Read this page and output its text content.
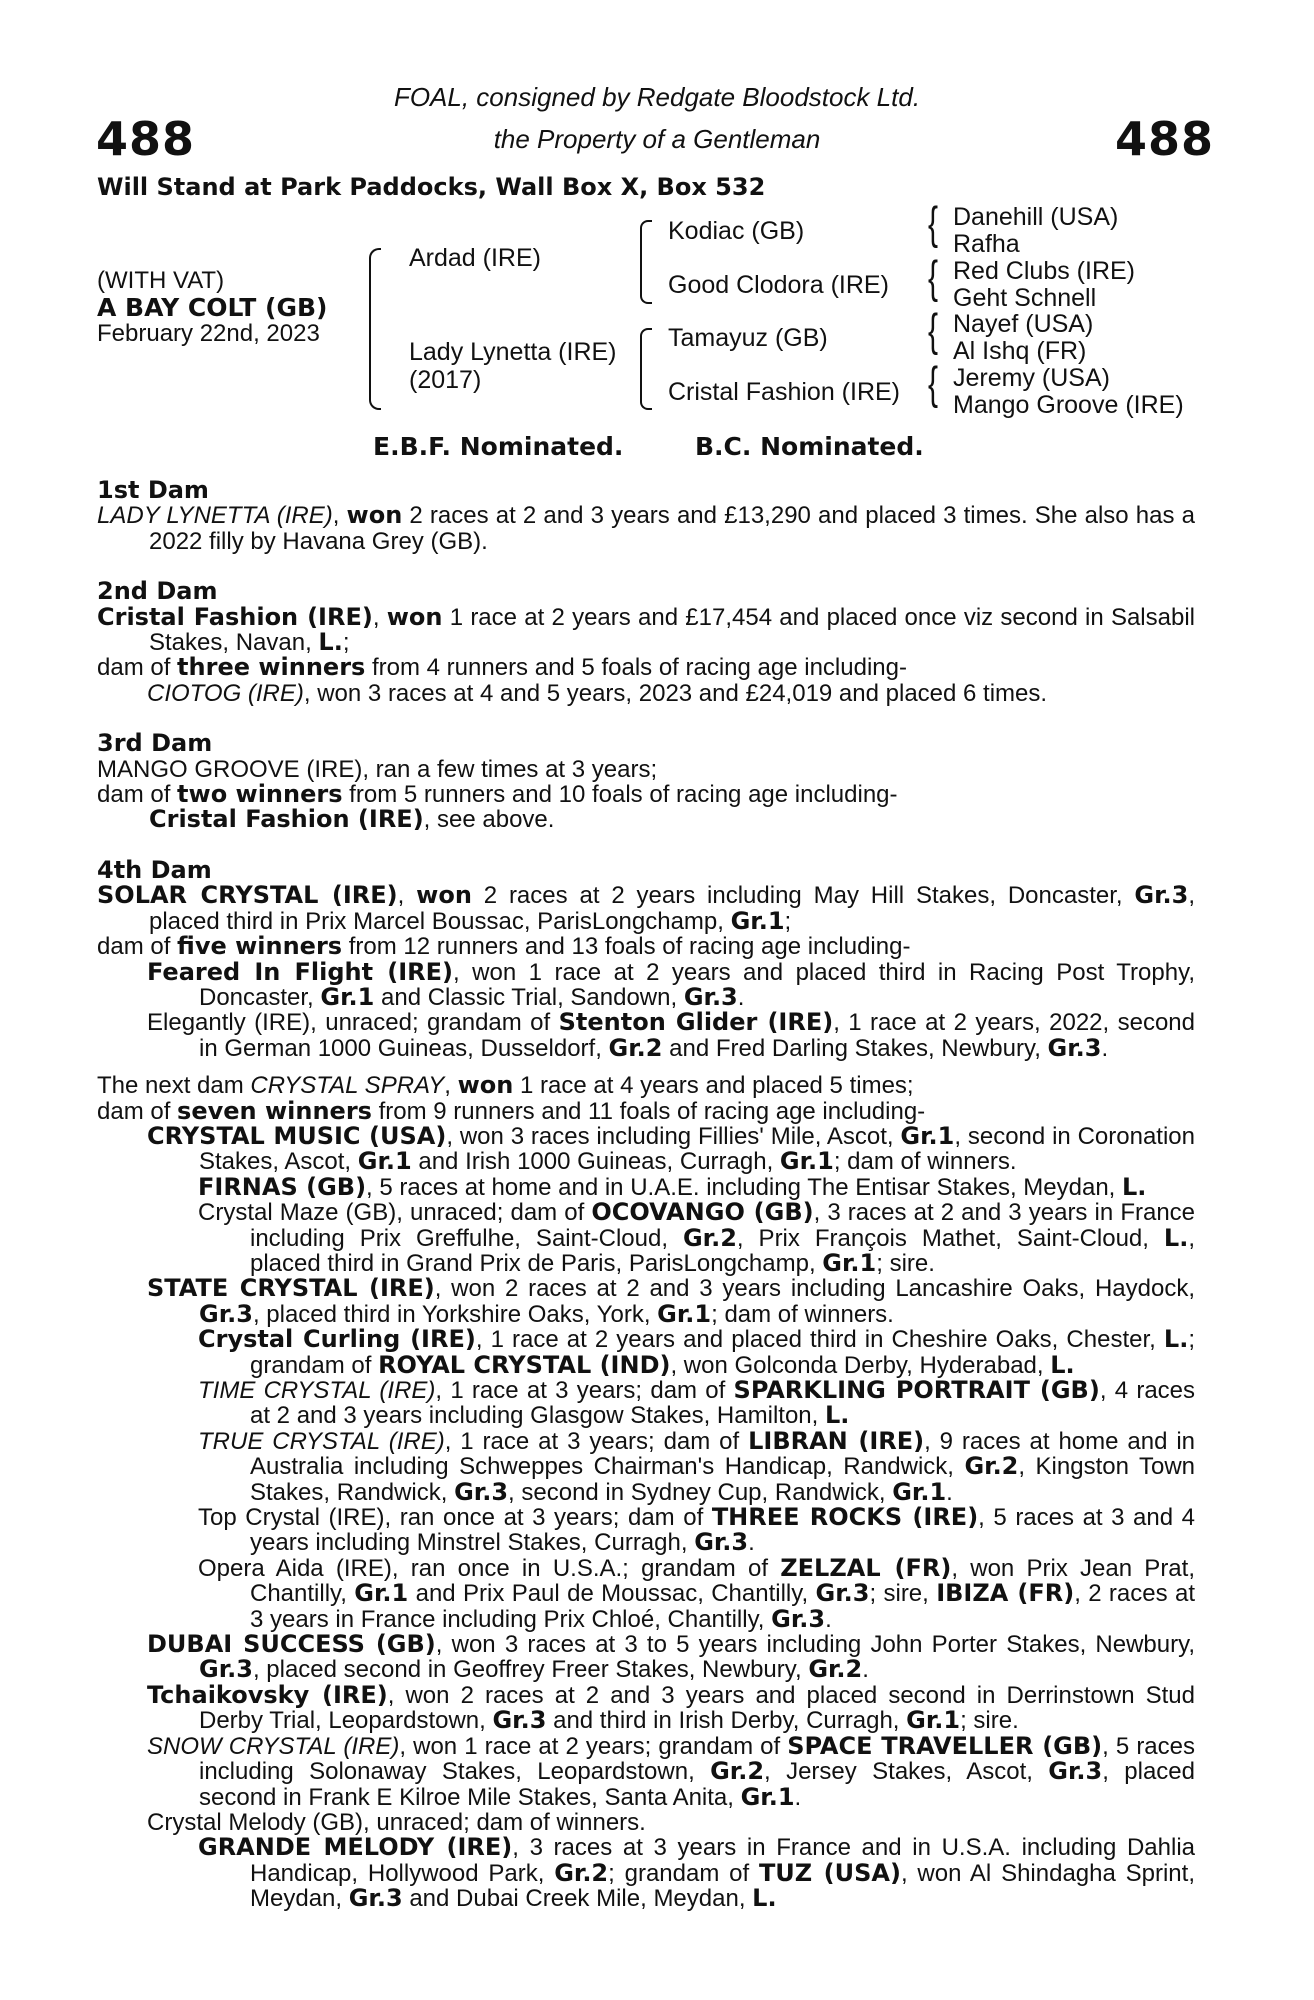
488	488
FOAL, consigned by Redgate Bloodstock Ltd.
the Property of a Gentleman
Will Stand at Park Paddocks, Wall Box X, Box 532
(WITH VAT)
A BAY COLT (GB)
February 22nd, 2023
{
{
{
{
Ardad (IRE)
Lady Lynetta (IRE)
(2017)
Kodiac (GB)
Good Clodora (IRE)
Tamayuz (GB)
Cristal Fashion (IRE)
Danehill (USA)
Rafha
Red Clubs (IRE)
Geht Schnell
Nayef (USA)
Al Ishq (FR)
Jeremy (USA)
Mango Groove (IRE)
E.B.F. Nominated.	B.C. Nominated.

1st Dam

LADY LYNETTA (IRE), won 2 races at 2 and 3 years and £13,290 and placed 3 times. She also has a 2022 filly by Havana Grey (GB).

2nd Dam

Cristal Fashion (IRE), won 1 race at 2 years and £17,454 and placed once viz second in Salsabil Stakes, Navan, L.;

dam of three winners from 4 runners and 5 foals of racing age including-

CIOTOG (IRE), won 3 races at 4 and 5 years, 2023 and £24,019 and placed 6 times.

3rd Dam

MANGO GROOVE (IRE), ran a few times at 3 years;

dam of two winners from 5 runners and 10 foals of racing age including-

Cristal Fashion (IRE), see above.

4th Dam

SOLAR CRYSTAL (IRE), won 2 races at 2 years including May Hill Stakes, Doncaster, Gr.3, placed third in Prix Marcel Boussac, ParisLongchamp, Gr.1;

dam of five winners from 12 runners and 13 foals of racing age including-

Feared In Flight (IRE), won 1 race at 2 years and placed third in Racing Post Trophy, Doncaster, Gr.1 and Classic Trial, Sandown, Gr.3.

Elegantly (IRE), unraced; grandam of Stenton Glider (IRE), 1 race at 2 years, 2022, second in German 1000 Guineas, Dusseldorf, Gr.2 and Fred Darling Stakes, Newbury, Gr.3.

The next dam CRYSTAL SPRAY, won 1 race at 4 years and placed 5 times;

dam of seven winners from 9 runners and 11 foals of racing age including-

CRYSTAL MUSIC (USA), won 3 races including Fillies' Mile, Ascot, Gr.1, second in Coronation Stakes, Ascot, Gr.1 and Irish 1000 Guineas, Curragh, Gr.1; dam of winners.

FIRNAS (GB), 5 races at home and in U.A.E. including The Entisar Stakes, Meydan, L.

Crystal Maze (GB), unraced; dam of OCOVANGO (GB), 3 races at 2 and 3 years in France including Prix Greffulhe, Saint-Cloud, Gr.2, Prix François Mathet, Saint-Cloud, L., placed third in Grand Prix de Paris, ParisLongchamp, Gr.1; sire.

STATE CRYSTAL (IRE), won 2 races at 2 and 3 years including Lancashire Oaks, Haydock, Gr.3, placed third in Yorkshire Oaks, York, Gr.1; dam of winners.

Crystal Curling (IRE), 1 race at 2 years and placed third in Cheshire Oaks, Chester, L.; grandam of ROYAL CRYSTAL (IND), won Golconda Derby, Hyderabad, L.

TIME CRYSTAL (IRE), 1 race at 3 years; dam of SPARKLING PORTRAIT (GB), 4 races at 2 and 3 years including Glasgow Stakes, Hamilton, L.

TRUE CRYSTAL (IRE), 1 race at 3 years; dam of LIBRAN (IRE), 9 races at home and in Australia including Schweppes Chairman's Handicap, Randwick, Gr.2, Kingston Town Stakes, Randwick, Gr.3, second in Sydney Cup, Randwick, Gr.1.

Top Crystal (IRE), ran once at 3 years; dam of THREE ROCKS (IRE), 5 races at 3 and 4 years including Minstrel Stakes, Curragh, Gr.3.

Opera Aida (IRE), ran once in U.S.A.; grandam of ZELZAL (FR), won Prix Jean Prat, Chantilly, Gr.1 and Prix Paul de Moussac, Chantilly, Gr.3; sire, IBIZA (FR), 2 races at 3 years in France including Prix Chloé, Chantilly, Gr.3.

DUBAI SUCCESS (GB), won 3 races at 3 to 5 years including John Porter Stakes, Newbury, Gr.3, placed second in Geoffrey Freer Stakes, Newbury, Gr.2.

Tchaikovsky (IRE), won 2 races at 2 and 3 years and placed second in Derrinstown Stud Derby Trial, Leopardstown, Gr.3 and third in Irish Derby, Curragh, Gr.1; sire.

SNOW CRYSTAL (IRE), won 1 race at 2 years; grandam of SPACE TRAVELLER (GB), 5 races including Solonaway Stakes, Leopardstown, Gr.2, Jersey Stakes, Ascot, Gr.3, placed second in Frank E Kilroe Mile Stakes, Santa Anita, Gr.1.

Crystal Melody (GB), unraced; dam of winners.

GRANDE MELODY (IRE), 3 races at 3 years in France and in U.S.A. including Dahlia Handicap, Hollywood Park, Gr.2; grandam of TUZ (USA), won Al Shindagha Sprint, Meydan, Gr.3 and Dubai Creek Mile, Meydan, L.
